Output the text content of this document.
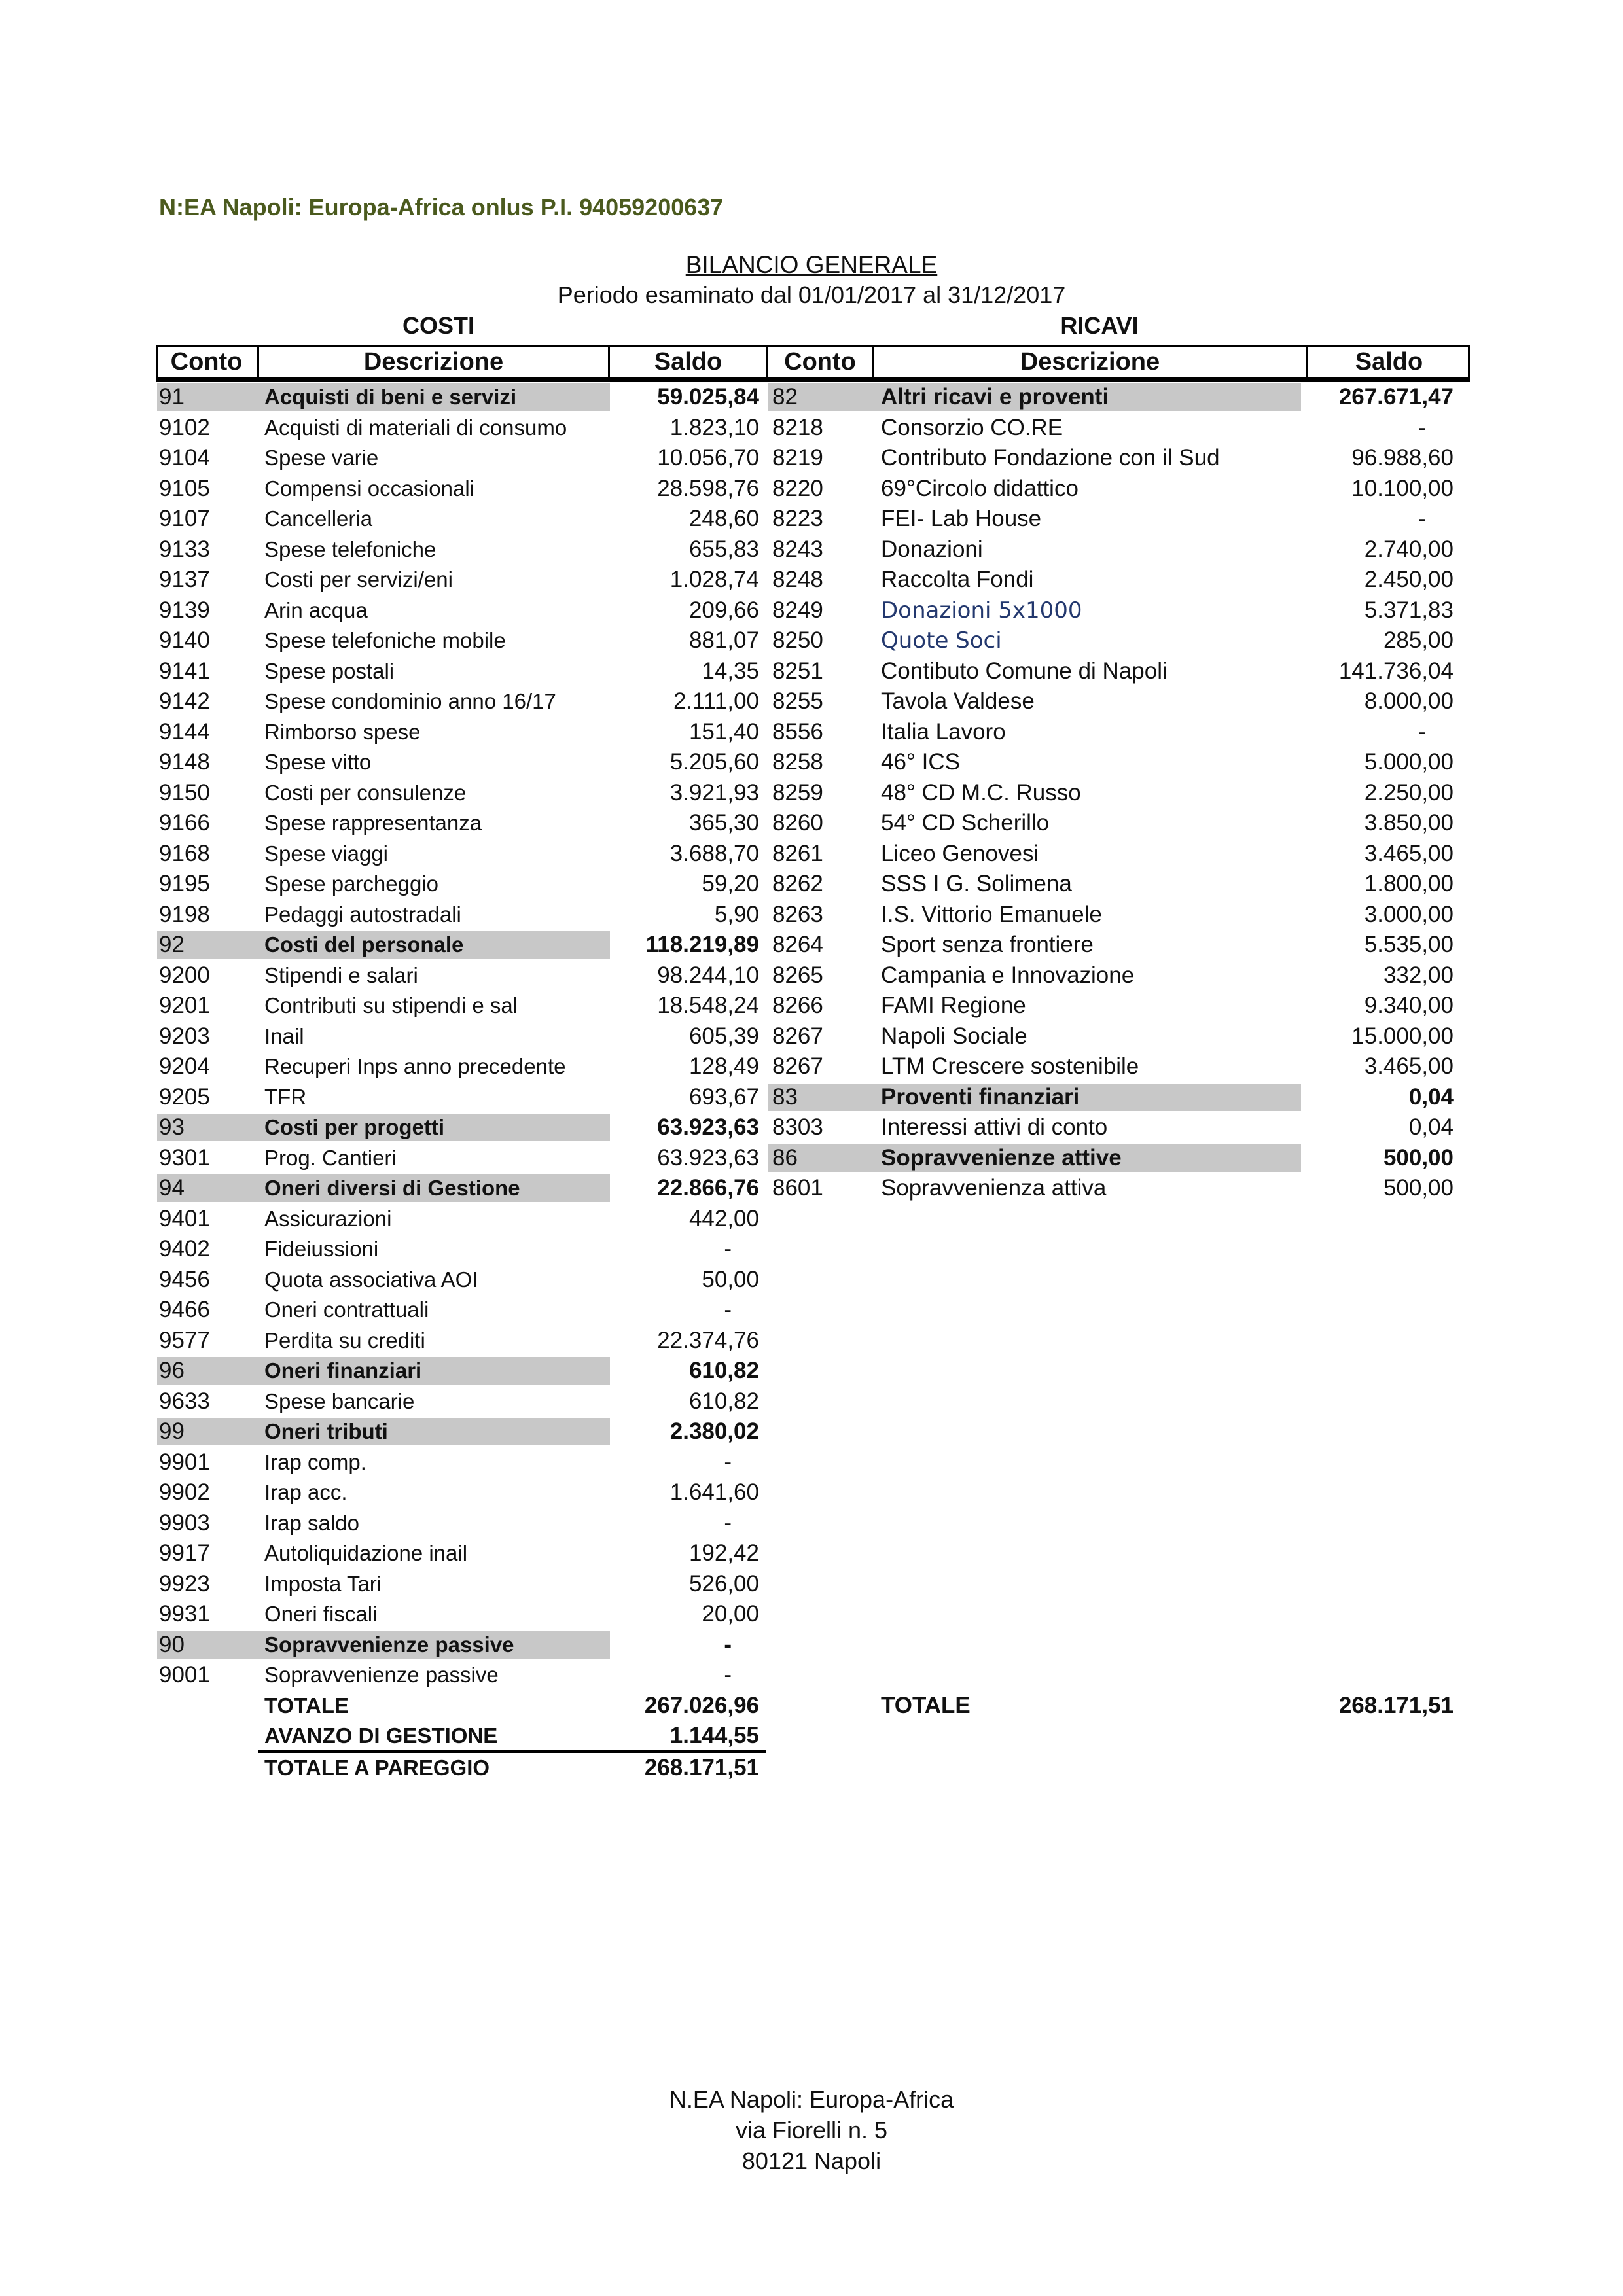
N:EA Napoli: Europa-Africa onlus P.I. 94059200637
BILANCIO GENERALE
Periodo esaminato dal 01/01/2017 al 31/12/2017
COSTI	RICAVI
Conto	Descrizione	Saldo	Conto	Descrizione	Saldo
91	Acquisti di beni e servizi	59.025,84 82	Altri ricavi e proventi	267.671,47
9102	Acquisti di materiali di consumo	1.823,10 8218	Consorzio CO.RE	-
9104	Spese varie	10.056,70 8219	Contributo Fondazione con il Sud	96.988,60
9105	Compensi occasionali	28.598,76 8220	69°Circolo didattico	10.100,00
9107	Cancelleria	248,60 8223	FEI- Lab House	-
9133	Spese telefoniche	655,83 8243	Donazioni	2.740,00
9137	Costi per servizi/eni	1.028,74 8248	Raccolta Fondi	2.450,00
9139	Arin acqua	209,66 8249	Donazioni 5x1000	5.371,83
9140	Spese telefoniche mobile	881,07 8250	Quote Soci	285,00
9141	Spese postali	14,35 8251	Contibuto Comune di Napoli	141.736,04
9142	Spese condominio anno 16/17	2.111,00 8255	Tavola Valdese	8.000,00
9144	Rimborso spese	151,40 8556	Italia Lavoro	-
9148	Spese vitto	5.205,60 8258	46° ICS	5.000,00
9150	Costi per consulenze	3.921,93 8259	48° CD M.C. Russo	2.250,00
9166	Spese rappresentanza	365,30 8260	54° CD Scherillo	3.850,00
9168	Spese viaggi	3.688,70 8261	Liceo Genovesi	3.465,00
9195	Spese parcheggio	59,20 8262	SSS I G. Solimena	1.800,00
9198	Pedaggi autostradali	5,90 8263	I.S. Vittorio Emanuele	3.000,00
92	Costi del personale	118.219,89 8264	Sport senza frontiere	5.535,00
9200	Stipendi e salari	98.244,10 8265	Campania e Innovazione	332,00
9201	Contributi su stipendi e sal	18.548,24 8266	FAMI Regione	9.340,00
9203	Inail	605,39 8267	Napoli Sociale	15.000,00
9204	Recuperi Inps anno precedente	128,49 8267	LTM Crescere sostenibile	3.465,00
9205	TFR	693,67 83	Proventi finanziari	0,04
93	Costi per progetti	63.923,63 8303	Interessi attivi di conto	0,04
9301	Prog. Cantieri	63.923,63 86	Sopravvenienze attive	500,00
94	Oneri diversi di Gestione	22.866,76 8601	Sopravvenienza attiva	500,00
9401	Assicurazioni	442,00
9402	Fideiussioni	-
9456	Quota associativa AOI	50,00
9466	Oneri contrattuali	-
9577	Perdita su crediti	22.374,76
96	Oneri finanziari	610,82
9633	Spese bancarie	610,82
99	Oneri tributi	2.380,02
9901	Irap comp.	-
9902	Irap acc.	1.641,60
9903	Irap saldo	-
9917	Autoliquidazione inail	192,42
9923	Imposta Tari	526,00
9931	Oneri fiscali	20,00
90	Sopravvenienze passive	-
9001	Sopravvenienze passive	-
TOTALE	267.026,96	TOTALE	268.171,51
AVANZO DI GESTIONE	1.144,55
TOTALE A PAREGGIO	268.171,51
N.EA Napoli: Europa-Africa
via Fiorelli n. 5
80121 Napoli
